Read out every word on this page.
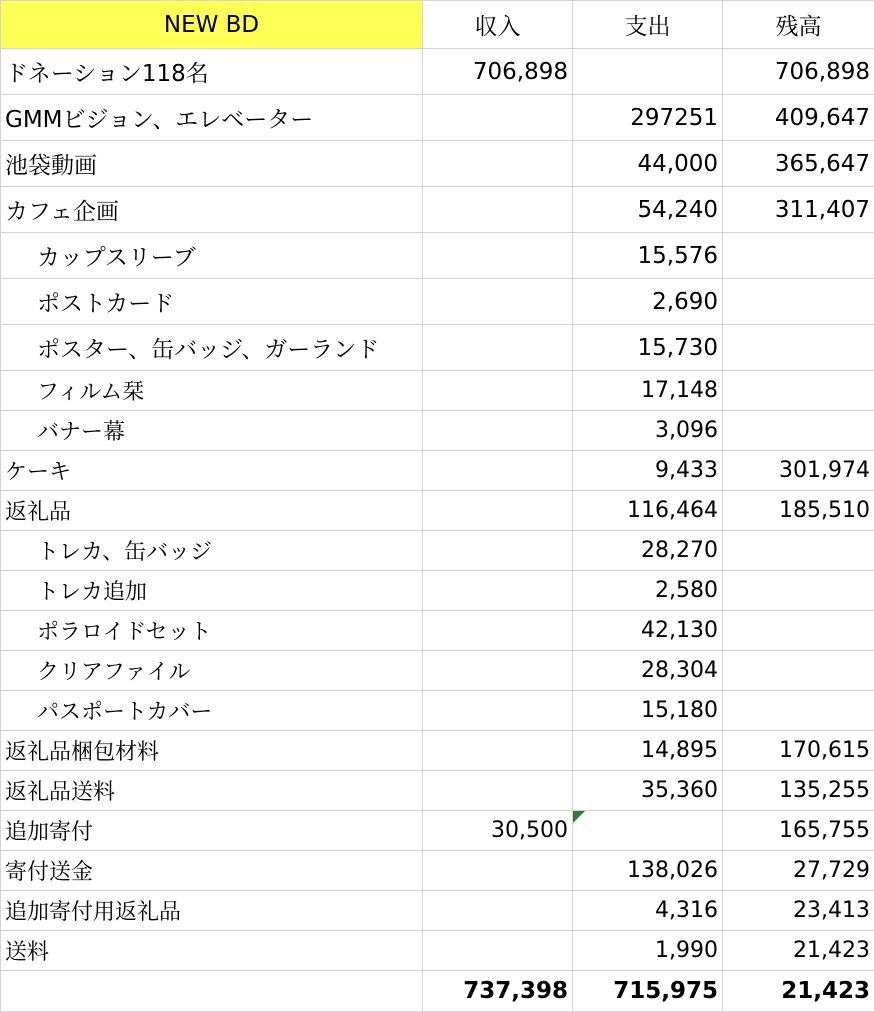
NEW BD	収入	支出	残高
ドネーション118名	706,898		706,898
GMMビジョン、エレベーター		297251	409,647
池袋動画		44,000	365,647
カフェ企画		54,240	311,407
カップスリーブ		15,576	
ポストカード		2,690	
ポスター、缶バッジ、ガーランド		15,730	
フィルム栞		17,148	
バナー幕		3,096	
ケーキ		9,433	301,974
返礼品		116,464	185,510
トレカ、缶バッジ		28,270	
トレカ追加		2,580	
ポラロイドセット		42,130	
クリアファイル		28,304	
パスポートカバー		15,180	
返礼品梱包材料		14,895	170,615
返礼品送料		35,360	135,255
追加寄付	30,500		165,755
寄付送金		138,026	27,729
追加寄付用返礼品		4,316	23,413
送料		1,990	21,423
	737,398	715,975	21,423
